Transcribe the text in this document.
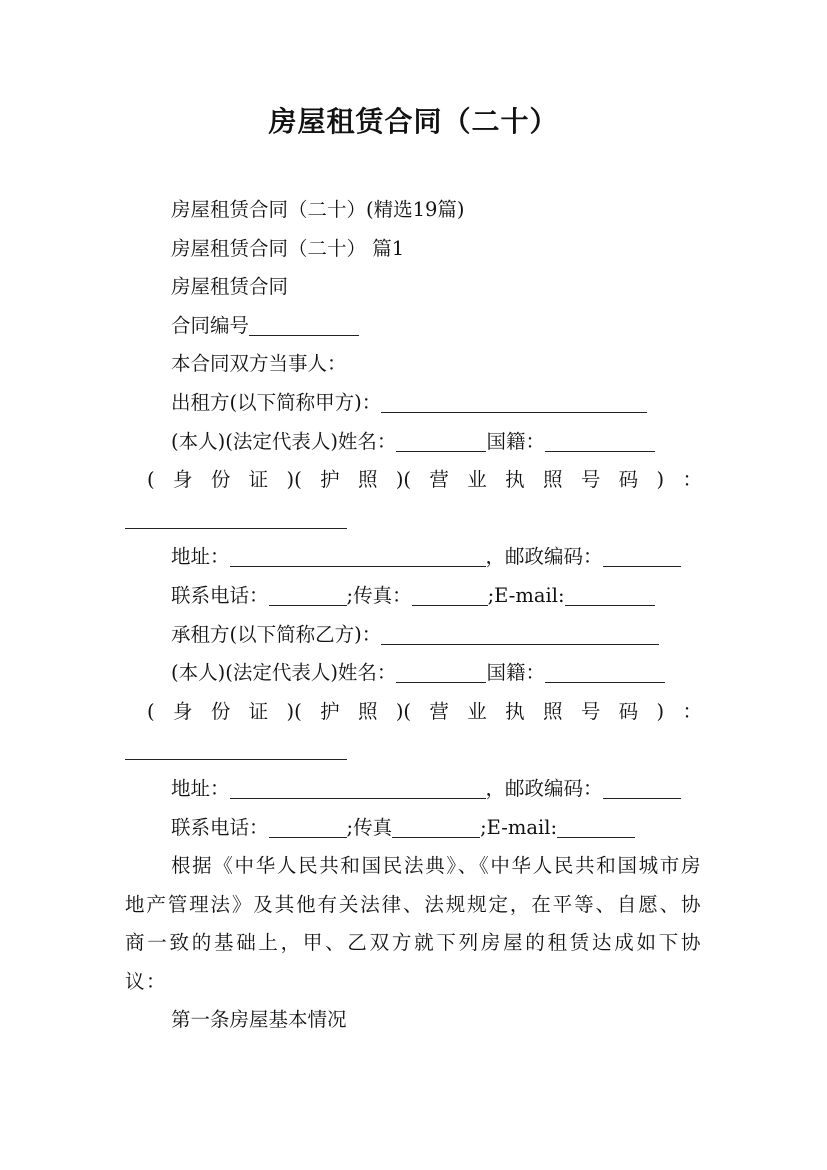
房屋租赁合同（二十）
房屋租赁合同（二十）(精选19篇)
房屋租赁合同（二十） 篇1
房屋租赁合同
合同编号
本合同双方当事人：
出租方(以下简称甲方)：
(本人)(法定代表人)姓名：	国籍：
( 身 份 证 )( 护 照 )( 营 业 执 照 号 码 ) ：
地址：	，邮政编码：
联系电话：	;传真：	;E-mail:
承租方(以下简称乙方)：
(本人)(法定代表人)姓名：	国籍：
( 身 份 证 )( 护 照 )( 营 业 执 照 号 码 ) ：
地址：	，邮政编码：
联系电话：	;传真	;E-mail:

根据《中华人民共和国民法典》、《中华人民共和国城市房地产管理法》及其他有关法律、法规规定，在平等、自愿、协商一致的基础上，甲、乙双方就下列房屋的租赁达成如下协议：

第一条房屋基本情况
